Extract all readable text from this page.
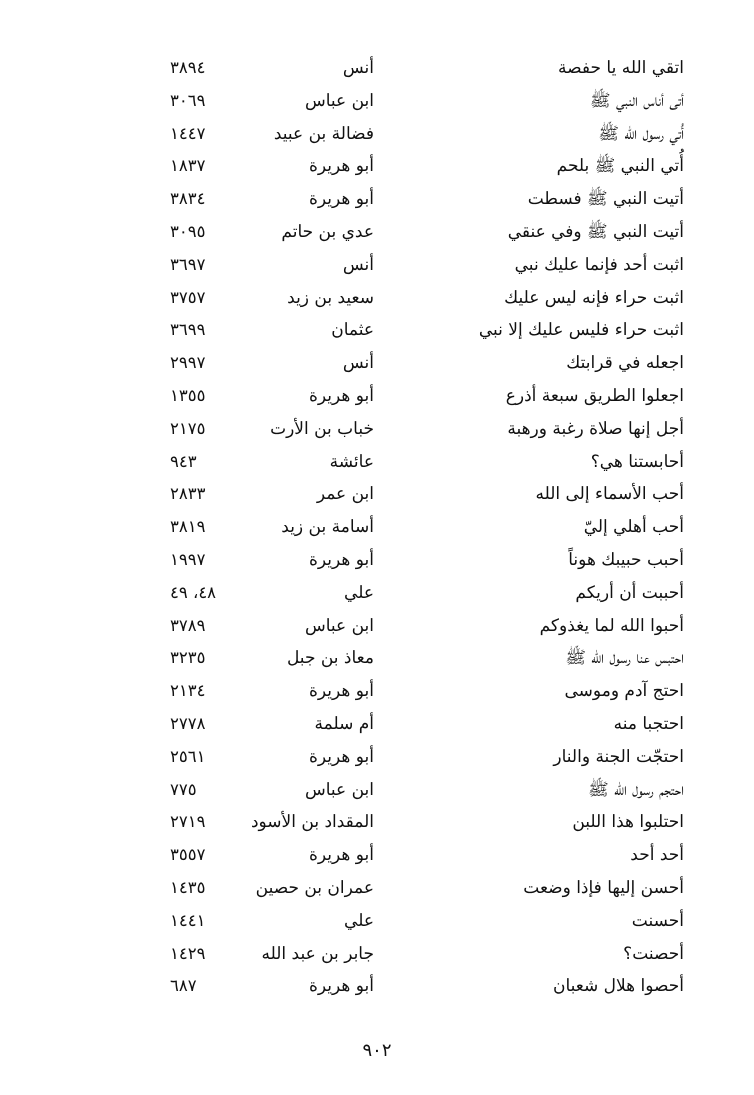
اتقي الله يا حفصة
أنس
٣٨٩٤
أتى أناس النبي ﷺ
ابن عباس
٣٠٦٩
أُتي رسول الله ﷺ
فضالة بن عبيد
١٤٤٧
أُتي النبي ﷺ بلحم
أبو هريرة
١٨٣٧
أتيت النبي ﷺ فسطت
أبو هريرة
٣٨٣٤
أتيت النبي ﷺ وفي عنقي
عدي بن حاتم
٣٠٩٥
اثبت أحد فإنما عليك نبي
أنس
٣٦٩٧
اثبت حراء فإنه ليس عليك
سعيد بن زيد
٣٧٥٧
اثبت حراء فليس عليك إلا نبي
عثمان
٣٦٩٩
اجعله في قرابتك
أنس
٢٩٩٧
اجعلوا الطريق سبعة أذرع
أبو هريرة
١٣٥٥
أجل إنها صلاة رغبة ورهبة
خباب بن الأرت
٢١٧٥
أحابستنا هي؟
عائشة
٩٤٣
أحب الأسماء إلى الله
ابن عمر
٢٨٣٣
أحب أهلي إليّ
أسامة بن زيد
٣٨١٩
أحبب حبيبك هوناً
أبو هريرة
١٩٩٧
أحببت أن أريكم
علي
٤٨، ٤٩
أحبوا الله لما يغذوكم
ابن عباس
٣٧٨٩
احتبس عنا رسول الله ﷺ
معاذ بن جبل
٣٢٣٥
احتج آدم وموسى
أبو هريرة
٢١٣٤
احتجبا منه
أم سلمة
٢٧٧٨
احتجّت الجنة والنار
أبو هريرة
٢٥٦١
احتجم رسول الله ﷺ
ابن عباس
٧٧٥
احتلبوا هذا اللبن
المقداد بن الأسود
٢٧١٩
أحد أحد
أبو هريرة
٣٥٥٧
أحسن إليها فإذا وضعت
عمران بن حصين
١٤٣٥
أحسنت
علي
١٤٤١
أحصنت؟
جابر بن عبد الله
١٤٢٩
أحصوا هلال شعبان
أبو هريرة
٦٨٧
٩٠٢
